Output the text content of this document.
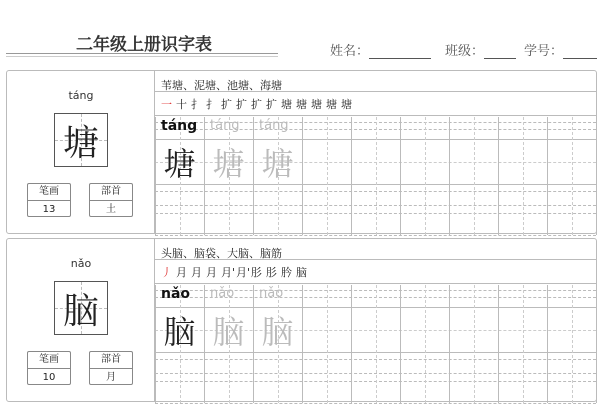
二年级上册识字表	姓名：	班级：	学号：
táng
塘
笔画
13
部首
土
苇塘、泥塘、池塘、海塘
一 十 扌 扌 扩 扩 扩 扩 塘 塘 塘 塘 塘
táng
塘
táng
塘
táng
塘
nǎo
脑
笔画
10
部首
月
头脑、脑袋、大脑、脑筋
丿 月 月 月 月' 月' 肜 肜 肣 脑
nǎo
脑
nǎo
脑
nǎo
脑
